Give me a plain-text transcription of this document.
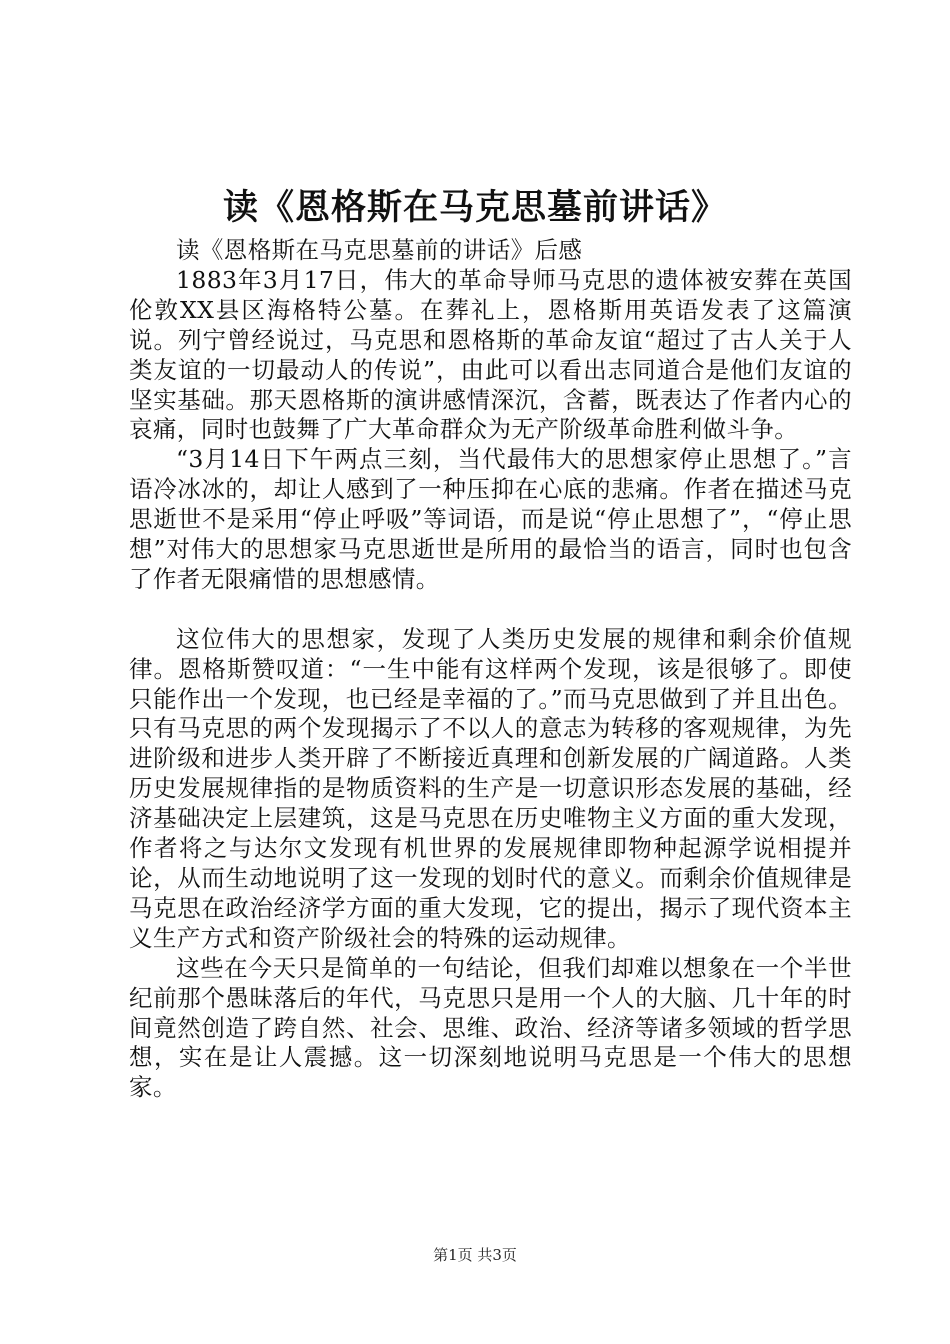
读《恩格斯在马克思墓前讲话》

读《恩格斯在马克思墓前的讲话》后感

1883年3月17日，伟大的革命导师马克思的遗体被安葬在英国伦敦XX县区海格特公墓。在葬礼上，恩格斯用英语发表了这篇演说。列宁曾经说过，马克思和恩格斯的革命友谊“超过了古人关于人类友谊的一切最动人的传说”，由此可以看出志同道合是他们友谊的坚实基础。那天恩格斯的演讲感情深沉，含蓄，既表达了作者内心的哀痛，同时也鼓舞了广大革命群众为无产阶级革命胜利做斗争。

“3月14日下午两点三刻，当代最伟大的思想家停止思想了。”言语冷冰冰的，却让人感到了一种压抑在心底的悲痛。作者在描述马克思逝世不是采用“停止呼吸”等词语，而是说“停止思想了”，“停止思想”对伟大的思想家马克思逝世是所用的最恰当的语言，同时也包含了作者无限痛惜的思想感情。

这位伟大的思想家，发现了人类历史发展的规律和剩余价值规律。恩格斯赞叹道：“一生中能有这样两个发现，该是很够了。即使只能作出一个发现，也已经是幸福的了。”而马克思做到了并且出色。只有马克思的两个发现揭示了不以人的意志为转移的客观规律，为先进阶级和进步人类开辟了不断接近真理和创新发展的广阔道路。人类历史发展规律指的是物质资料的生产是一切意识形态发展的基础，经济基础决定上层建筑，这是马克思在历史唯物主义方面的重大发现，作者将之与达尔文发现有机世界的发展规律即物种起源学说相提并论，从而生动地说明了这一发现的划时代的意义。而剩余价值规律是马克思在政治经济学方面的重大发现，它的提出，揭示了现代资本主义生产方式和资产阶级社会的特殊的运动规律。

这些在今天只是简单的一句结论，但我们却难以想象在一个半世纪前那个愚昧落后的年代，马克思只是用一个人的大脑、几十年的时间竟然创造了跨自然、社会、思维、政治、经济等诸多领域的哲学思想，实在是让人震撼。这一切深刻地说明马克思是一个伟大的思想家。

第1页 共3页
